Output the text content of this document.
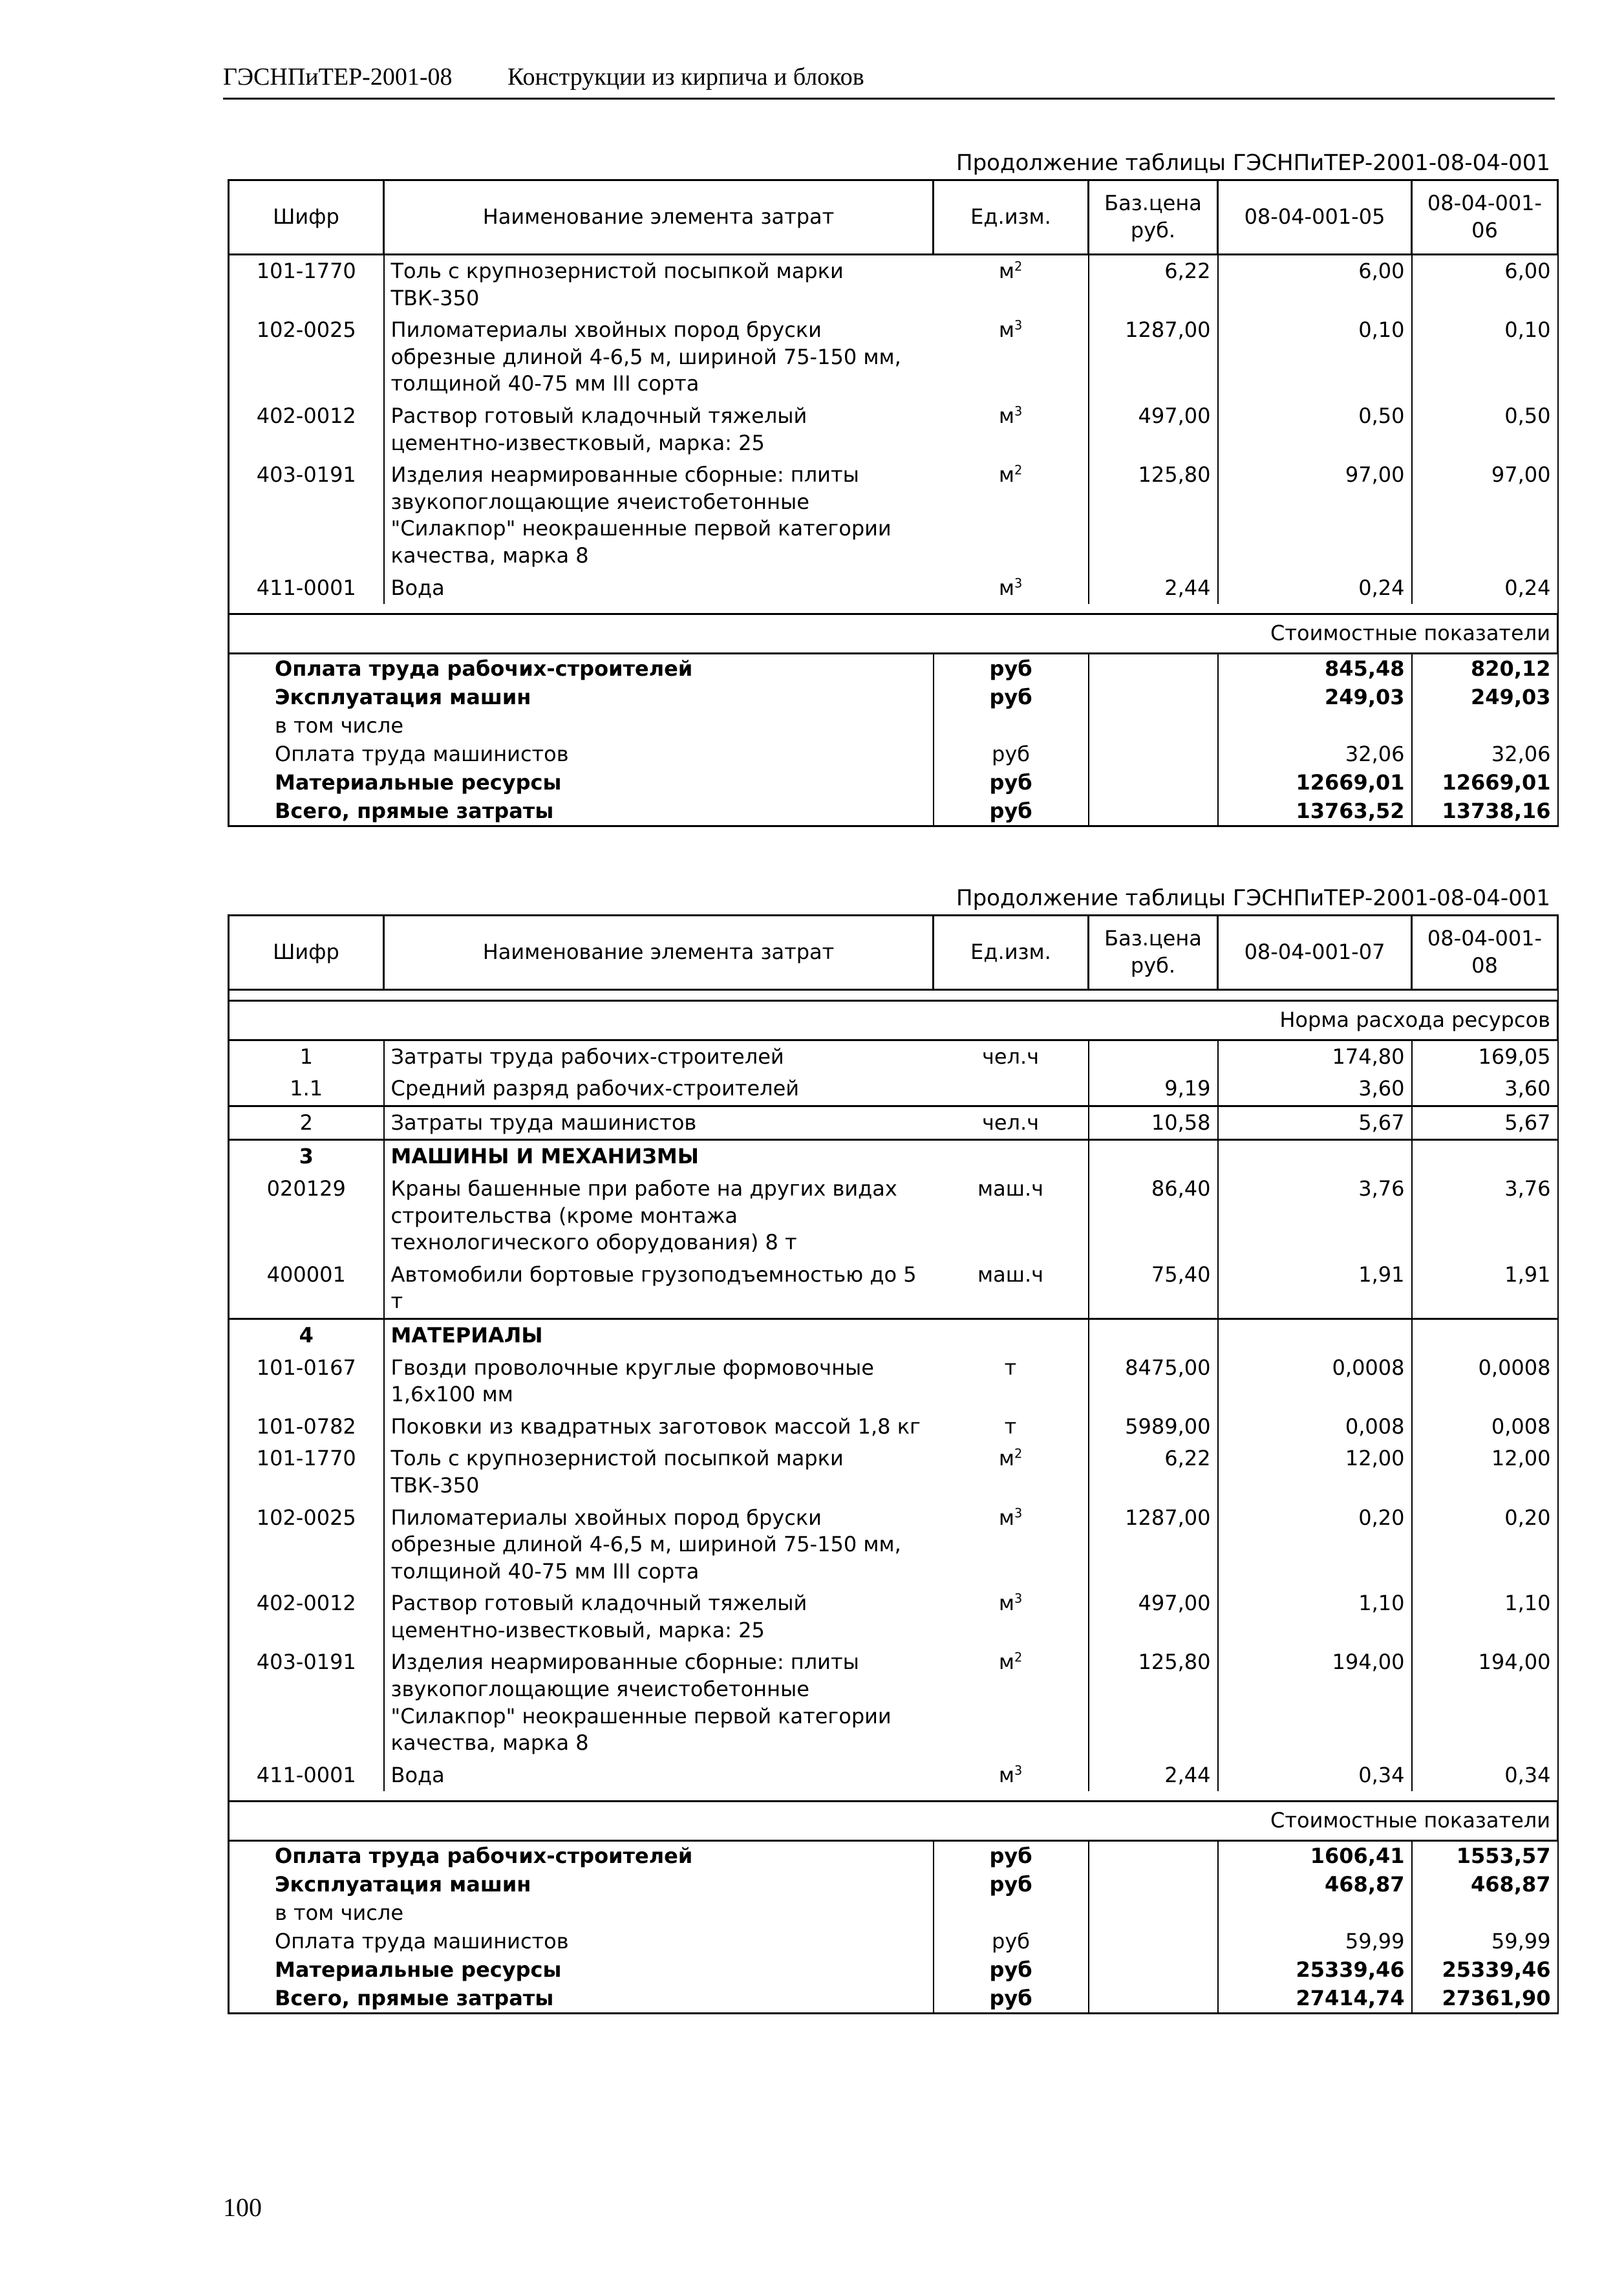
ГЭСНПиТЕР-2001-08 Конструкции из кирпича и блоков
Продолжение таблицы ГЭСНПиТЕР-2001-08-04-001
Шифр	Наименование элемента затрат	Ед.изм.	Баз.цена руб.	08-04-001-05	08-04-001-06
101-1770	Толь с крупнозернистой посыпкой марки ТВК-350	$м^2$	6,22	6,00	6,00
102-0025	Пиломатериалы хвойных пород бруски обрезные длиной 4-6,5 м, шириной 75-150 мм, толщиной 40-75 мм III сорта	$м^3$	1287,00	0,10	0,10
402-0012	Раствор готовый кладочный тяжелый цементно-известковый, марка: 25	$м^3$	497,00	0,50	0,50
403-0191	Изделия неармированные сборные: плиты звукопоглощающие ячеистобетонные "Силакпор" неокрашенные первой категории качества, марка 8	$м^2$	125,80	97,00	97,00
411-0001	Вода	$м^3$	2,44	0,24	0,24

Стоимостные показатели					
Оплата труда рабочих-строителей		руб		845,48	820,12
Эксплуатация машин		руб		249,03	249,03
в том числе					
Оплата труда машинистов		руб		32,06	32,06
Материальные ресурсы		руб		12669,01	12669,01
Всего, прямые затраты		руб		13763,52	13738,16
Продолжение таблицы ГЭСНПиТЕР-2001-08-04-001
Шифр	Наименование элемента затрат	Ед.изм.	Баз.цена руб.	08-04-001-07	08-04-001-08

Норма расхода ресурсов					
1	Затраты труда рабочих-строителей	чел.ч		174,80	169,05
1.1	Средний разряд рабочих-строителей		9,19	3,60	3,60
2	Затраты труда машинистов	чел.ч	10,58	5,67	5,67
3	МАШИНЫ И МЕХАНИЗМЫ				
020129	Краны башенные при работе на других видах строительства (кроме монтажа технологического оборудования) 8 т	маш.ч	86,40	3,76	3,76
400001	Автомобили бортовые грузоподъемностью до 5 т	маш.ч	75,40	1,91	1,91
4	МАТЕРИАЛЫ				
101-0167	Гвозди проволочные круглые формовочные 1,6х100 мм	т	8475,00	0,0008	0,0008
101-0782	Поковки из квадратных заготовок массой 1,8 кг	т	5989,00	0,008	0,008
101-1770	Толь с крупнозернистой посыпкой марки ТВК-350	$м^2$	6,22	12,00	12,00
102-0025	Пиломатериалы хвойных пород бруски обрезные длиной 4-6,5 м, шириной 75-150 мм, толщиной 40-75 мм III сорта	$м^3$	1287,00	0,20	0,20
402-0012	Раствор готовый кладочный тяжелый цементно-известковый, марка: 25	$м^3$	497,00	1,10	1,10
403-0191	Изделия неармированные сборные: плиты звукопоглощающие ячеистобетонные "Силакпор" неокрашенные первой категории качества, марка 8	$м^2$	125,80	194,00	194,00
411-0001	Вода	$м^3$	2,44	0,34	0,34

Стоимостные показатели					
Оплата труда рабочих-строителей		руб		1606,41	1553,57
Эксплуатация машин		руб		468,87	468,87
в том числе					
Оплата труда машинистов		руб		59,99	59,99
Материальные ресурсы		руб		25339,46	25339,46
Всего, прямые затраты		руб		27414,74	27361,90
100
